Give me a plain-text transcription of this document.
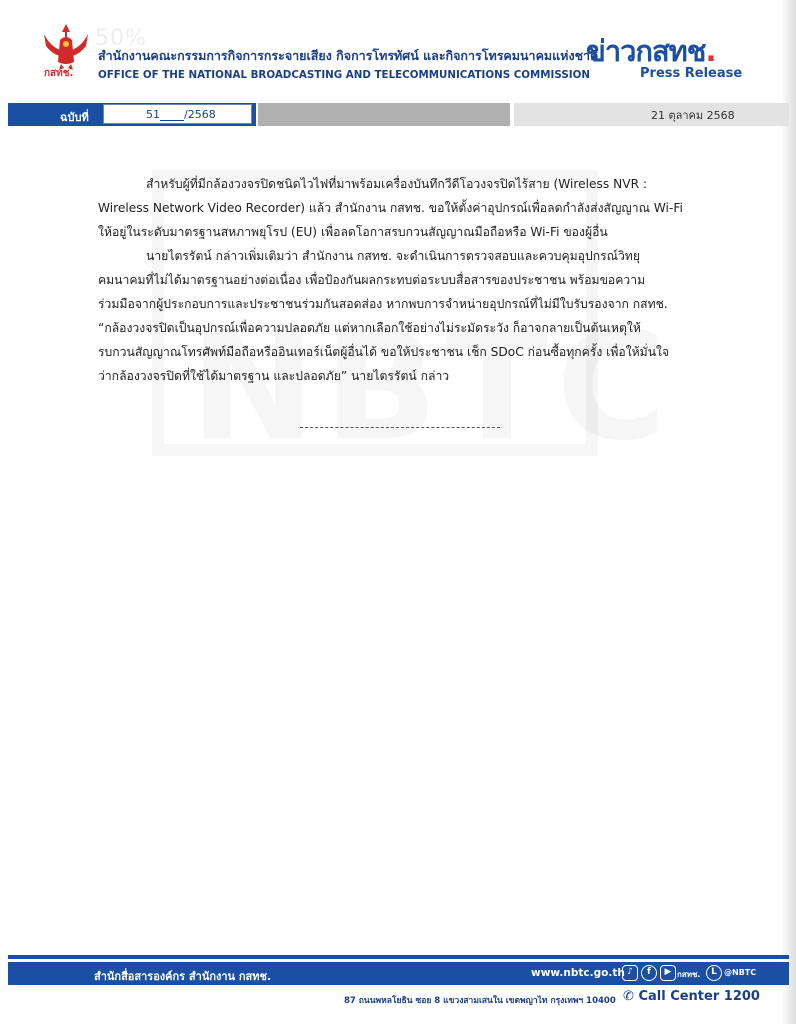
กสทช.
50%
สำนักงานคณะกรรมการกิจการกระจายเสียง กิจการโทรทัศน์ และกิจการโทรคมนาคมแห่งชาติ
OFFICE OF THE NATIONAL BROADCASTING AND TELECOMMUNICATIONS COMMISSION
ข่าวกสทช.
Press Release
ฉบับที่	51 /2568	21 ตุลาคม 2568
สำหรับผู้ที่มีกล้องวงจรปิดชนิดไวไฟที่มาพร้อมเครื่องบันทึกวีดีโอวงจรปิดไร้สาย (Wireless NVR :
Wireless Network Video Recorder) แล้ว สำนักงาน กสทช. ขอให้ตั้งค่าอุปกรณ์เพื่อลดกำลังส่งสัญญาณ Wi-Fi
ให้อยู่ในระดับมาตรฐานสหภาพยุโรป (EU) เพื่อลดโอกาสรบกวนสัญญาณมือถือหรือ Wi-Fi ของผู้อื่น
นายไตรรัตน์ กล่าวเพิ่มเติมว่า สำนักงาน กสทช. จะดำเนินการตรวจสอบและควบคุมอุปกรณ์วิทยุ
คมนาคมที่ไม่ได้มาตรฐานอย่างต่อเนื่อง เพื่อป้องกันผลกระทบต่อระบบสื่อสารของประชาชน พร้อมขอความ
ร่วมมือจากผู้ประกอบการและประชาชนร่วมกันสอดส่อง หากพบการจำหน่ายอุปกรณ์ที่ไม่มีใบรับรองจาก กสทช.
“กล้องวงจรปิดเป็นอุปกรณ์เพื่อความปลอดภัย แต่หากเลือกใช้อย่างไม่ระมัดระวัง ก็อาจกลายเป็นต้นเหตุให้
รบกวนสัญญาณโทรศัพท์มือถือหรืออินเทอร์เน็ตผู้อื่นได้ ขอให้ประชาชน เช็ก SDoC ก่อนซื้อทุกครั้ง เพื่อให้มั่นใจ
ว่ากล้องวงจรปิดที่ใช้ได้มาตรฐาน และปลอดภัย” นายไตรรัตน์ กล่าว
สำนักสื่อสารองค์กร สำนักงาน กสทช.	www.nbtc.go.th ♪	f	▶ กสทช.	L @NBTC
87 ถนนพหลโยธิน ซอย 8 แขวงสามเสนใน เขตพญาไท กรุงเทพฯ 10400 ✆ Call Center 1200
